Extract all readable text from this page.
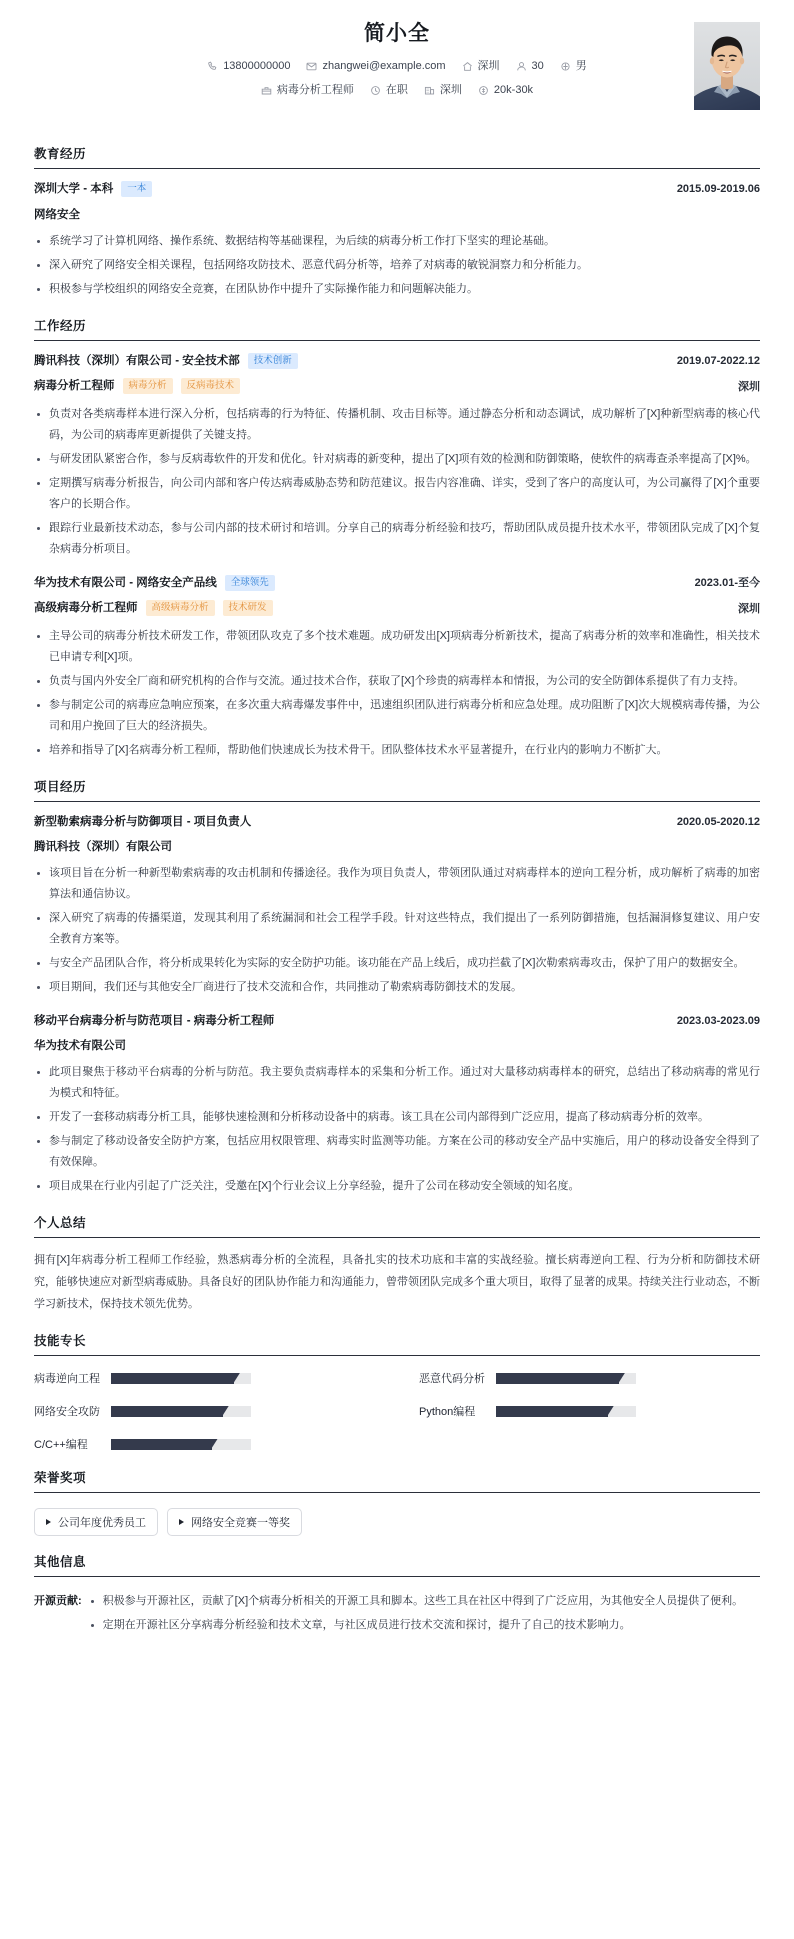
简小全
13800000000	zhangwei@example.com	深圳	30	男
病毒分析工程师	在职	深圳	20k-30k
教育经历
深圳大学 - 本科	一本	2015.09-2019.06
网络安全
系统学习了计算机网络、操作系统、数据结构等基础课程，为后续的病毒分析工作打下坚实的理论基础。
深入研究了网络安全相关课程，包括网络攻防技术、恶意代码分析等，培养了对病毒的敏锐洞察力和分析能力。
积极参与学校组织的网络安全竞赛，在团队协作中提升了实际操作能力和问题解决能力。
工作经历
腾讯科技（深圳）有限公司 - 安全技术部	技术创新	2019.07-2022.12
病毒分析工程师	病毒分析	反病毒技术	深圳
负责对各类病毒样本进行深入分析，包括病毒的行为特征、传播机制、攻击目标等。通过静态分析和动态调试，成功解析了[X]种新型病毒的核心代码，为公司的病毒库更新提供了关键支持。
与研发团队紧密合作，参与反病毒软件的开发和优化。针对病毒的新变种，提出了[X]项有效的检测和防御策略，使软件的病毒查杀率提高了[X]%。
定期撰写病毒分析报告，向公司内部和客户传达病毒威胁态势和防范建议。报告内容准确、详实，受到了客户的高度认可，为公司赢得了[X]个重要客户的长期合作。
跟踪行业最新技术动态，参与公司内部的技术研讨和培训。分享自己的病毒分析经验和技巧，帮助团队成员提升技术水平，带领团队完成了[X]个复杂病毒分析项目。
华为技术有限公司 - 网络安全产品线	全球领先	2023.01-至今
高级病毒分析工程师	高级病毒分析	技术研发	深圳
主导公司的病毒分析技术研发工作，带领团队攻克了多个技术难题。成功研发出[X]项病毒分析新技术，提高了病毒分析的效率和准确性，相关技术已申请专利[X]项。
负责与国内外安全厂商和研究机构的合作与交流。通过技术合作，获取了[X]个珍贵的病毒样本和情报，为公司的安全防御体系提供了有力支持。
参与制定公司的病毒应急响应预案，在多次重大病毒爆发事件中，迅速组织团队进行病毒分析和应急处理。成功阻断了[X]次大规模病毒传播，为公司和用户挽回了巨大的经济损失。
培养和指导了[X]名病毒分析工程师，帮助他们快速成长为技术骨干。团队整体技术水平显著提升，在行业内的影响力不断扩大。
项目经历
新型勒索病毒分析与防御项目 - 项目负责人	2020.05-2020.12
腾讯科技（深圳）有限公司
该项目旨在分析一种新型勒索病毒的攻击机制和传播途径。我作为项目负责人，带领团队通过对病毒样本的逆向工程分析，成功解析了病毒的加密算法和通信协议。
深入研究了病毒的传播渠道，发现其利用了系统漏洞和社会工程学手段。针对这些特点，我们提出了一系列防御措施，包括漏洞修复建议、用户安全教育方案等。
与安全产品团队合作，将分析成果转化为实际的安全防护功能。该功能在产品上线后，成功拦截了[X]次勒索病毒攻击，保护了用户的数据安全。
项目期间，我们还与其他安全厂商进行了技术交流和合作，共同推动了勒索病毒防御技术的发展。
移动平台病毒分析与防范项目 - 病毒分析工程师	2023.03-2023.09
华为技术有限公司
此项目聚焦于移动平台病毒的分析与防范。我主要负责病毒样本的采集和分析工作。通过对大量移动病毒样本的研究，总结出了移动病毒的常见行为模式和特征。
开发了一套移动病毒分析工具，能够快速检测和分析移动设备中的病毒。该工具在公司内部得到广泛应用，提高了移动病毒分析的效率。
参与制定了移动设备安全防护方案，包括应用权限管理、病毒实时监测等功能。方案在公司的移动安全产品中实施后，用户的移动设备安全得到了有效保障。
项目成果在行业内引起了广泛关注，受邀在[X]个行业会议上分享经验，提升了公司在移动安全领域的知名度。
个人总结
拥有[X]年病毒分析工程师工作经验，熟悉病毒分析的全流程，具备扎实的技术功底和丰富的实战经验。擅长病毒逆向工程、行为分析和防御技术研究，能够快速应对新型病毒威胁。具备良好的团队协作能力和沟通能力，曾带领团队完成多个重大项目，取得了显著的成果。持续关注行业动态，不断学习新技术，保持技术领先优势。
技能专长
病毒逆向工程	恶意代码分析
网络安全攻防	Python编程
C/C++编程
荣誉奖项
公司年度优秀员工	网络安全竞赛一等奖
其他信息
开源贡献:	积极参与开源社区，贡献了[X]个病毒分析相关的开源工具和脚本。这些工具在社区中得到了广泛应用，为其他安全人员提供了便利。
定期在开源社区分享病毒分析经验和技术文章，与社区成员进行技术交流和探讨，提升了自己的技术影响力。
